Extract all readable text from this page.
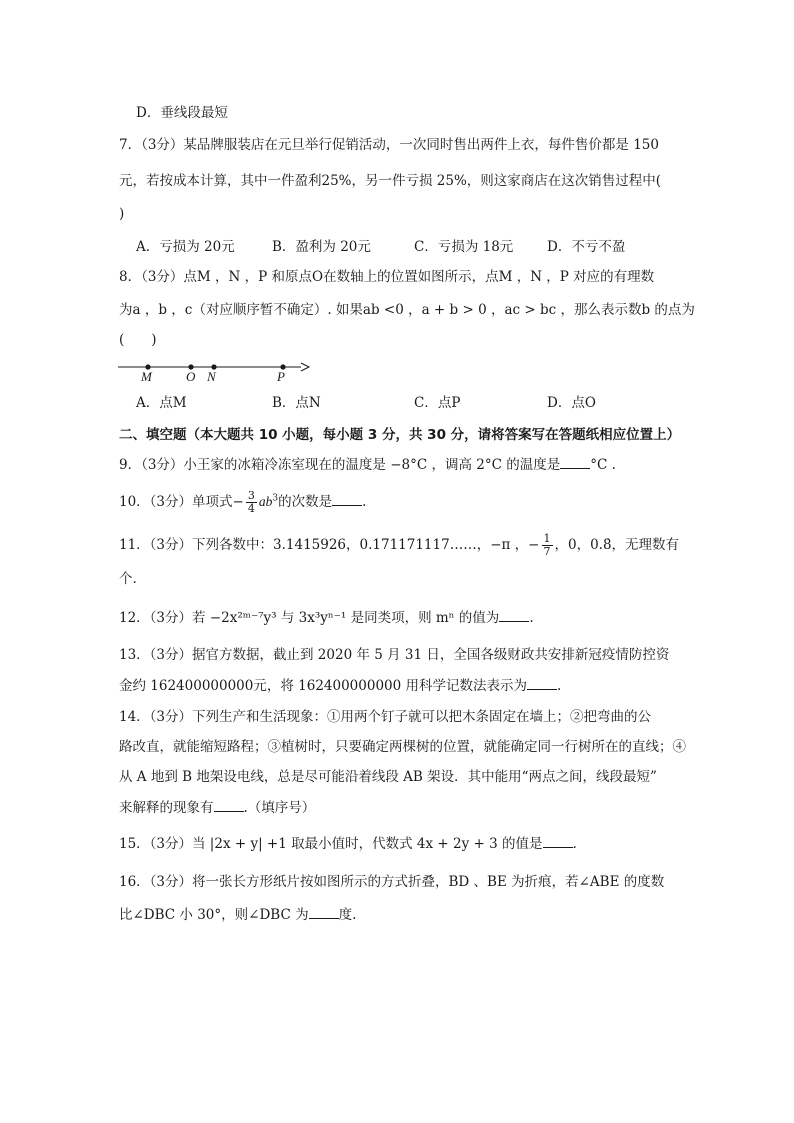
D．垂线段最短
7．（3分）某品牌服装店在元旦举行促销活动，一次同时售出两件上衣，每件售价都是 150
元，若按成本计算，其中一件盈利25%，另一件亏损 25%，则这家商店在这次销售过程中(
)
A．亏损为 20元	B．盈利为 20元	C．亏损为 18元 D．不亏不盈
8．（3分）点M ，N ，P 和原点O在数轴上的位置如图所示，点M ，N ，P 对应的有理数
为a ，b ，c（对应顺序暂不确定）. 如果ab <0 ，a + b > 0 ，ac > bc ，那么表示数b 的点为
(　　)
M	O N	P
A．点M	B．点N	C．点P	D．点O
二、填空题（本大题共 10 小题，每小题 3 分，共 30 分，请将答案写在答题纸相应位置上）
9．（3分）小王家的冰箱冷冻室现在的温度是 −8°C ，调高 2°C 的温度是 °C .
10．（3分）单项式− $\frac{3}{4} ab^3$的次数是 .
11．（3分）下列各数中：3.1415926，0.171171117……，−π ，− $\frac{1}{7}$ ，0，0.8̇，无理数有
个.
12．（3分）若 −2x²ᵐ⁻⁷y³ 与 3x³yⁿ⁻¹ 是同类项，则 mⁿ 的值为 .
13．（3分）据官方数据，截止到 2020 年 5 月 31 日，全国各级财政共安排新冠疫情防控资
金约 162400000000元，将 162400000000 用科学记数法表示为 .
14．（3分）下列生产和生活现象：①用两个钉子就可以把木条固定在墙上；②把弯曲的公
路改直，就能缩短路程；③植树时，只要确定两棵树的位置，就能确定同一行树所在的直线；④
从 A 地到 B 地架设电线，总是尽可能沿着线段 AB 架设．其中能用“两点之间，线段最短”
来解释的现象有 .（填序号）
15．（3分）当 |2x + y| +1 取最小值时，代数式 4x + 2y + 3 的值是 .
16．（3分）将一张长方形纸片按如图所示的方式折叠，BD 、BE 为折痕，若∠ABE 的度数
比∠DBC 小 30°，则∠DBC 为 度.
